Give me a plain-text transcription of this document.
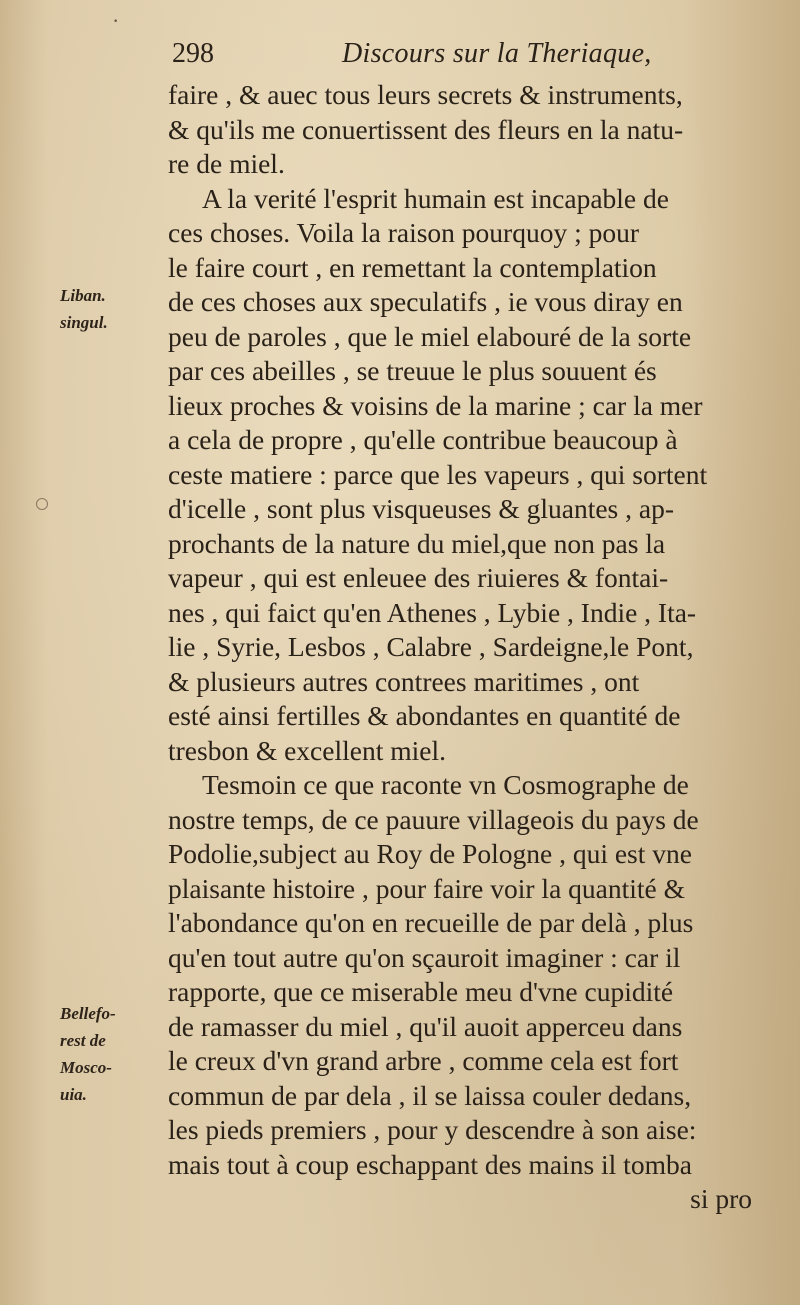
·
298	Discours sur la Theriaque,
Liban.
singul.
Bellefo-
rest de
Mosco-
uia.
faire , & auec tous leurs secrets & instruments,
& qu'ils me conuertissent des fleurs en la natu-
re de miel.
A la verité l'esprit humain est incapable de
ces choses. Voila la raison pourquoy ; pour
le faire court , en remettant la contemplation
de ces choses aux speculatifs , ie vous diray en
peu de paroles , que le miel elabouré de la sorte
par ces abeilles , se treuue le plus souuent és
lieux proches & voisins de la marine ; car la mer
a cela de propre , qu'elle contribue beaucoup à
ceste matiere : parce que les vapeurs , qui sortent
d'icelle , sont plus visqueuses & gluantes , ap-
prochants de la nature du miel,que non pas la
vapeur , qui est enleuee des riuieres & fontai-
nes , qui faict qu'en Athenes , Lybie , Indie , Ita-
lie , Syrie, Lesbos , Calabre , Sardeigne,le Pont,
& plusieurs autres contrees maritimes , ont
esté ainsi fertilles & abondantes en quantité de
tresbon & excellent miel.
Tesmoin ce que raconte vn Cosmographe de
nostre temps, de ce pauure villageois du pays de
Podolie,subject au Roy de Pologne , qui est vne
plaisante histoire , pour faire voir la quantité &
l'abondance qu'on en recueille de par delà , plus
qu'en tout autre qu'on sçauroit imaginer : car il
rapporte, que ce miserable meu d'vne cupidité
de ramasser du miel , qu'il auoit apperceu dans
le creux d'vn grand arbre , comme cela est fort
commun de par dela , il se laissa couler dedans,
les pieds premiers , pour y descendre à son aise:
mais tout à coup eschappant des mains il tomba
si pro
